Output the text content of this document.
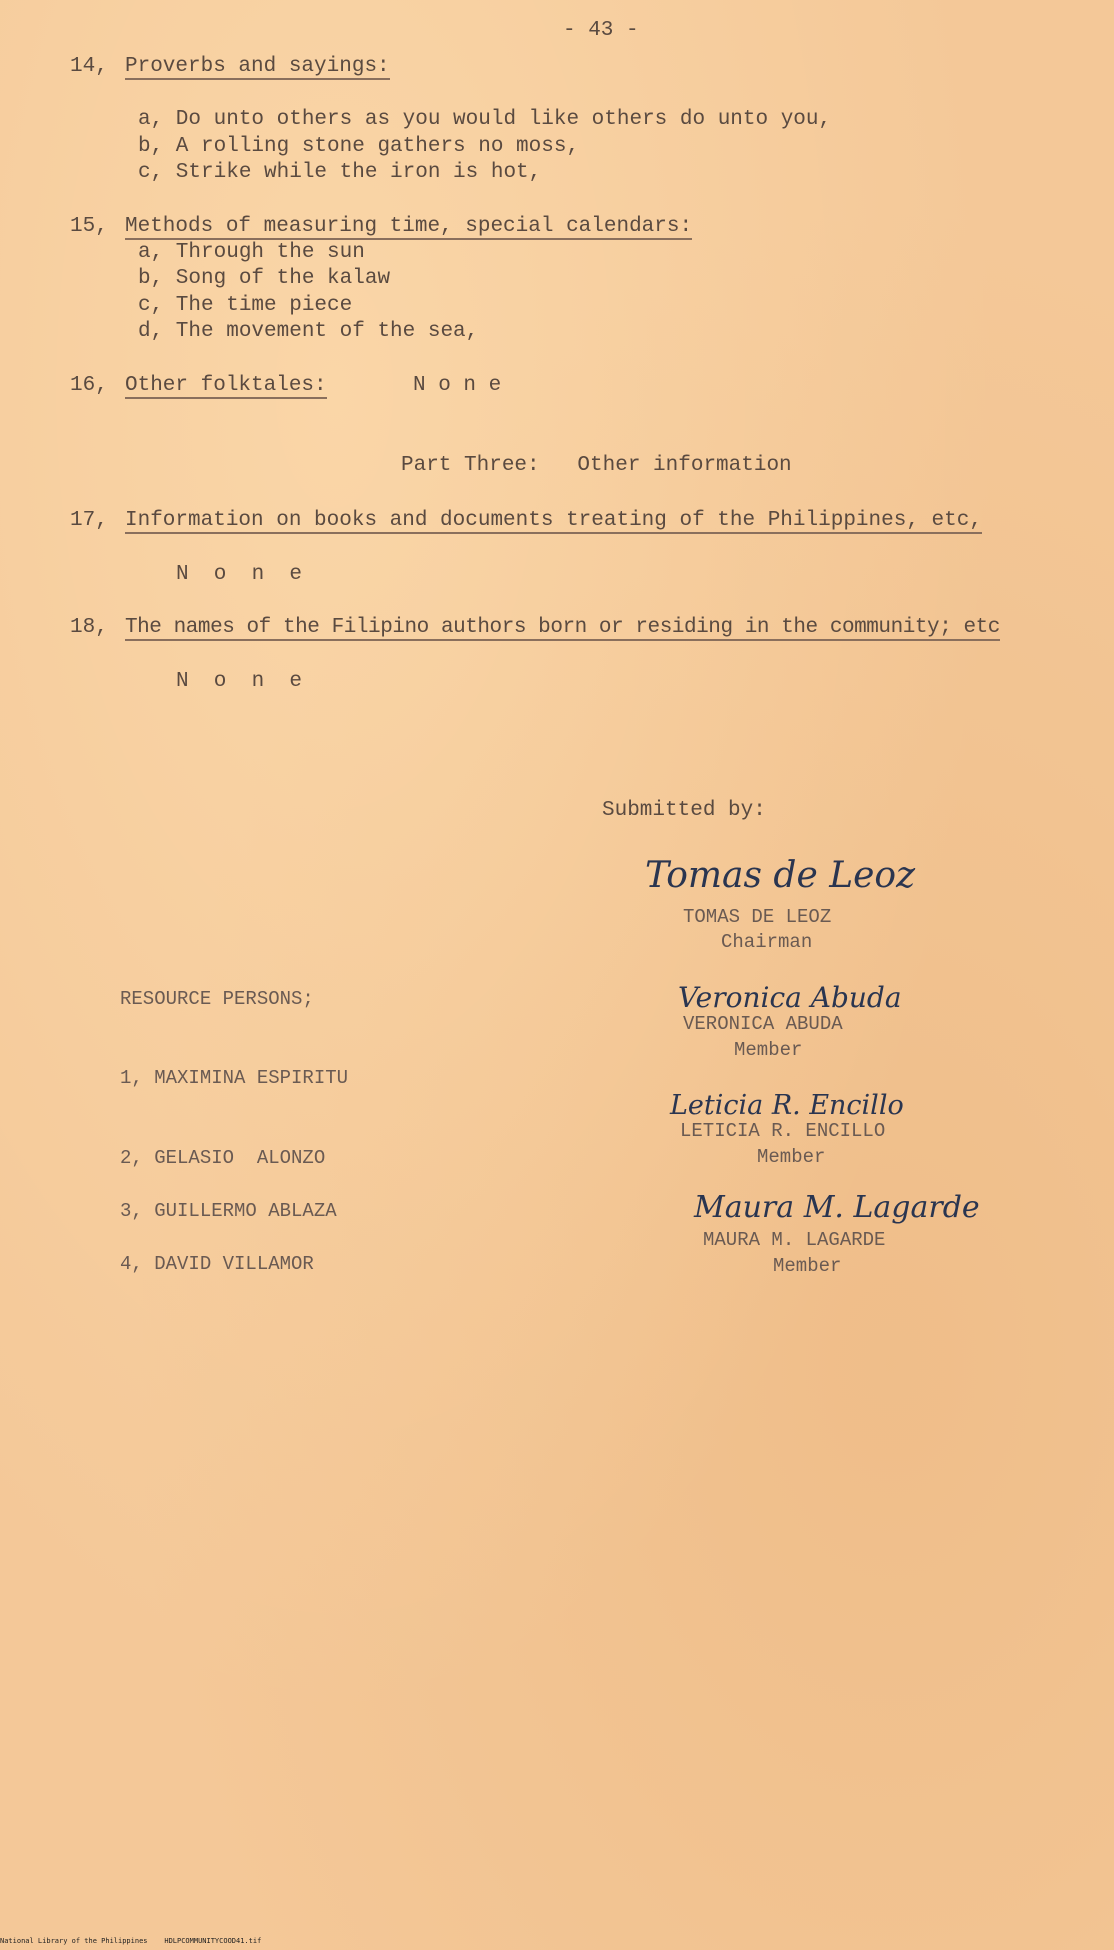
- 43 -
14, Proverbs and sayings:
a, Do unto others as you would like others do unto you,
b, A rolling stone gathers no moss,
c, Strike while the iron is hot,
15, Methods of measuring time, special calendars:
a, Through the sun
b, Song of the kalaw
c, The time piece
d, The movement of the sea,
16, Other folktales:	N o n e
Part Three:   Other information
17, Information on books and documents treating of the Philippines, etc,
N  o  n  e
18, The names of the Filipino authors born or residing in the community; etc
N  o  n  e
Submitted by:
Tomas de Leoz
TOMAS DE LEOZ
Chairman
Veronica Abuda
VERONICA ABUDA
Member
Leticia R. Encillo
LETICIA R. ENCILLO
Member
Maura M. Lagarde
MAURA M. LAGARDE
Member
RESOURCE PERSONS;
1, MAXIMINA ESPIRITU
2, GELASIO  ALONZO
3, GUILLERMO ABLAZA
4, DAVID VILLAMOR
National Library of the Philippines    HDLPCOMMUNITYCOOD41.tif
